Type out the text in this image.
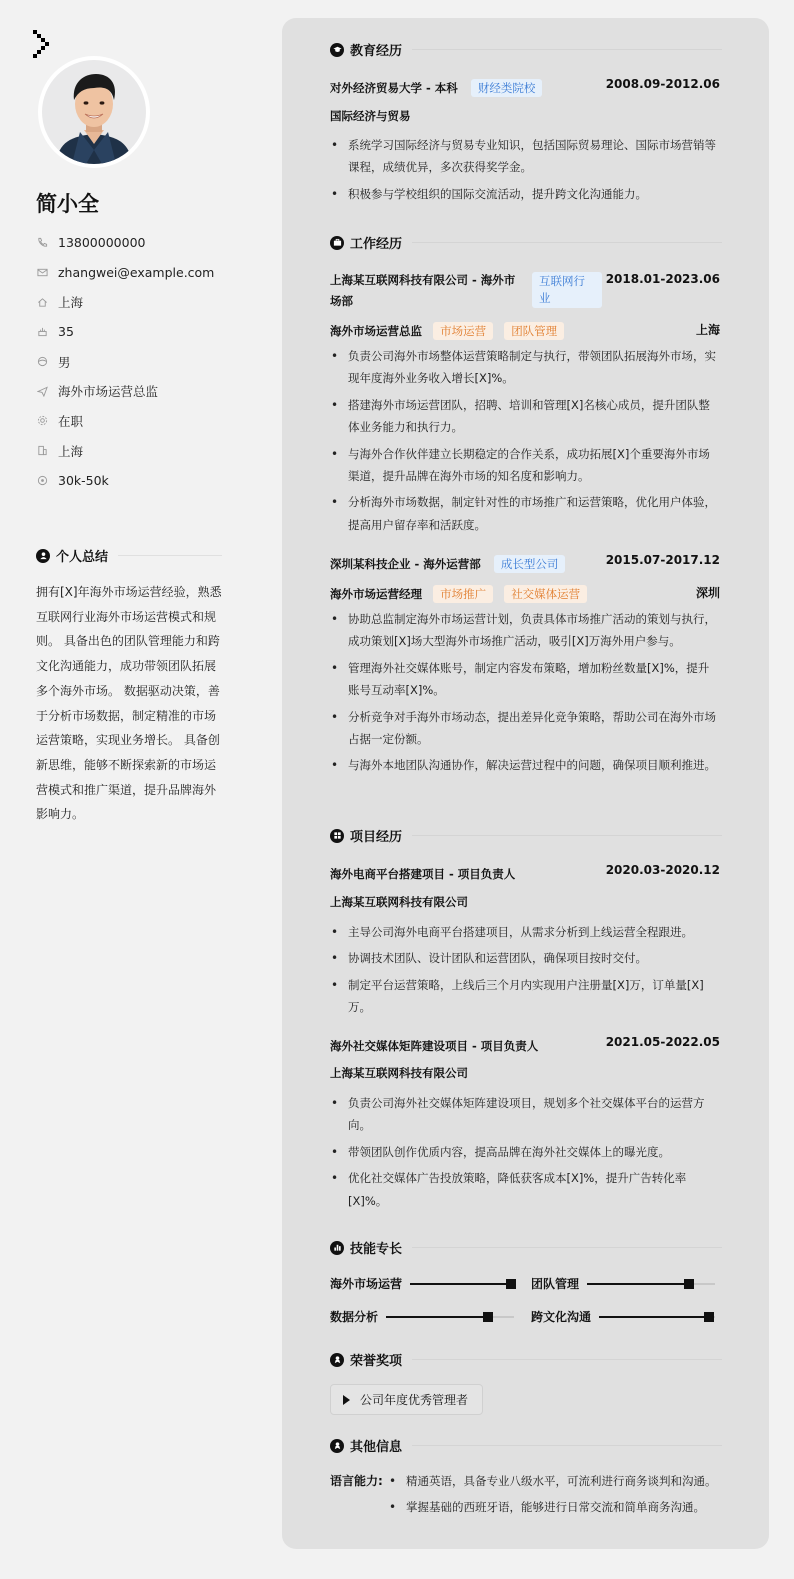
简小全
13800000000
zhangwei@example.com
上海
35
男
海外市场运营总监
在职
上海
30k-50k
个人总结
拥有[X]年海外市场运营经验，熟悉互联网行业海外市场运营模式和规则。 具备出色的团队管理能力和跨文化沟通能力，成功带领团队拓展多个海外市场。 数据驱动决策，善于分析市场数据，制定精准的市场运营策略，实现业务增长。 具备创新思维，能够不断探索新的市场运营模式和推广渠道，提升品牌海外影响力。
教育经历
对外经济贸易大学 - 本科 财经类院校	2008.09-2012.06
国际经济与贸易
• 系统学习国际经济与贸易专业知识，包括国际贸易理论、国际市场营销等课程，成绩优异，多次获得奖学金。
• 积极参与学校组织的国际交流活动，提升跨文化沟通能力。
工作经历
上海某互联网科技有限公司 - 海外市场部
互联网行业
2018.01-2023.06
海外市场运营总监 市场运营 团队管理	上海
• 负责公司海外市场整体运营策略制定与执行，带领团队拓展海外市场，实现年度海外业务收入增长[X]%。
• 搭建海外市场运营团队，招聘、培训和管理[X]名核心成员，提升团队整体业务能力和执行力。
• 与海外合作伙伴建立长期稳定的合作关系，成功拓展[X]个重要海外市场渠道，提升品牌在海外市场的知名度和影响力。
• 分析海外市场数据，制定针对性的市场推广和运营策略，优化用户体验，提高用户留存率和活跃度。
深圳某科技企业 - 海外运营部 成长型公司	2015.07-2017.12
海外市场运营经理 市场推广 社交媒体运营	深圳
• 协助总监制定海外市场运营计划，负责具体市场推广活动的策划与执行，成功策划[X]场大型海外市场推广活动，吸引[X]万海外用户参与。
• 管理海外社交媒体账号，制定内容发布策略，增加粉丝数量[X]%，提升账号互动率[X]%。
• 分析竞争对手海外市场动态，提出差异化竞争策略，帮助公司在海外市场占据一定份额。
• 与海外本地团队沟通协作，解决运营过程中的问题，确保项目顺利推进。
项目经历
海外电商平台搭建项目 - 项目负责人	2020.03-2020.12
上海某互联网科技有限公司
• 主导公司海外电商平台搭建项目，从需求分析到上线运营全程跟进。
• 协调技术团队、设计团队和运营团队，确保项目按时交付。
• 制定平台运营策略，上线后三个月内实现用户注册量[X]万，订单量[X]万。
海外社交媒体矩阵建设项目 - 项目负责人	2021.05-2022.05
上海某互联网科技有限公司
• 负责公司海外社交媒体矩阵建设项目，规划多个社交媒体平台的运营方向。
• 带领团队创作优质内容，提高品牌在海外社交媒体上的曝光度。
• 优化社交媒体广告投放策略，降低获客成本[X]%，提升广告转化率[X]%。
技能专长
海外市场运营	团队管理
数据分析	跨文化沟通
荣誉奖项
公司年度优秀管理者
其他信息
语言能力:
•	精通英语，具备专业八级水平，可流利进行商务谈判和沟通。
• 掌握基础的西班牙语，能够进行日常交流和简单商务沟通。
